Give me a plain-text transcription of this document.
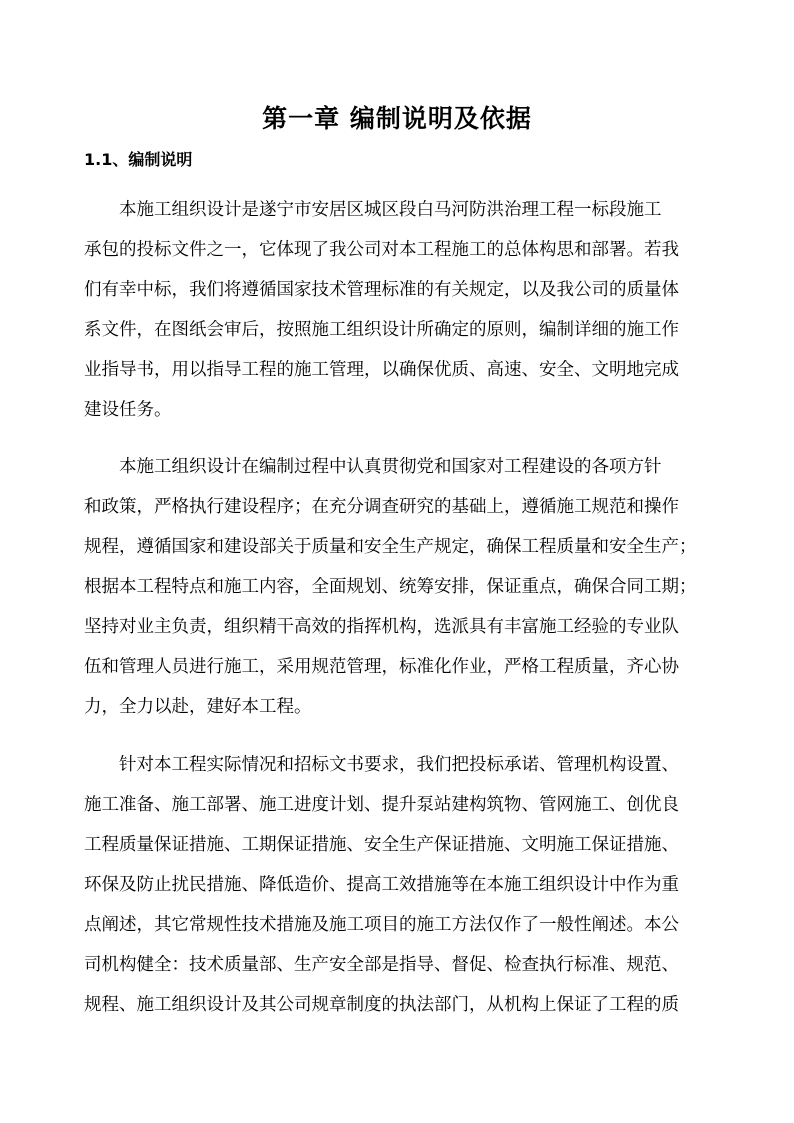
第一章 编制说明及依据
1.1、编制说明
本施工组织设计是遂宁市安居区城区段白马河防洪治理工程一标段施工
承包的投标文件之一，它体现了我公司对本工程施工的总体构思和部署。若我
们有幸中标，我们将遵循国家技术管理标准的有关规定，以及我公司的质量体
系文件，在图纸会审后，按照施工组织设计所确定的原则，编制详细的施工作
业指导书，用以指导工程的施工管理，以确保优质、高速、安全、文明地完成
建设任务。
本施工组织设计在编制过程中认真贯彻党和国家对工程建设的各项方针
和政策，严格执行建设程序；在充分调查研究的基础上，遵循施工规范和操作
规程，遵循国家和建设部关于质量和安全生产规定，确保工程质量和安全生产；
根据本工程特点和施工内容，全面规划、统筹安排，保证重点，确保合同工期；
坚持对业主负责，组织精干高效的指挥机构，选派具有丰富施工经验的专业队
伍和管理人员进行施工，采用规范管理，标准化作业，严格工程质量，齐心协
力，全力以赴，建好本工程。
针对本工程实际情况和招标文书要求，我们把投标承诺、管理机构设置、
施工准备、施工部署、施工进度计划、提升泵站建构筑物、管网施工、创优良
工程质量保证措施、工期保证措施、安全生产保证措施、文明施工保证措施、
环保及防止扰民措施、降低造价、提高工效措施等在本施工组织设计中作为重
点阐述，其它常规性技术措施及施工项目的施工方法仅作了一般性阐述。本公
司机构健全：技术质量部、生产安全部是指导、督促、检查执行标准、规范、
规程、施工组织设计及其公司规章制度的执法部门，从机构上保证了工程的质
